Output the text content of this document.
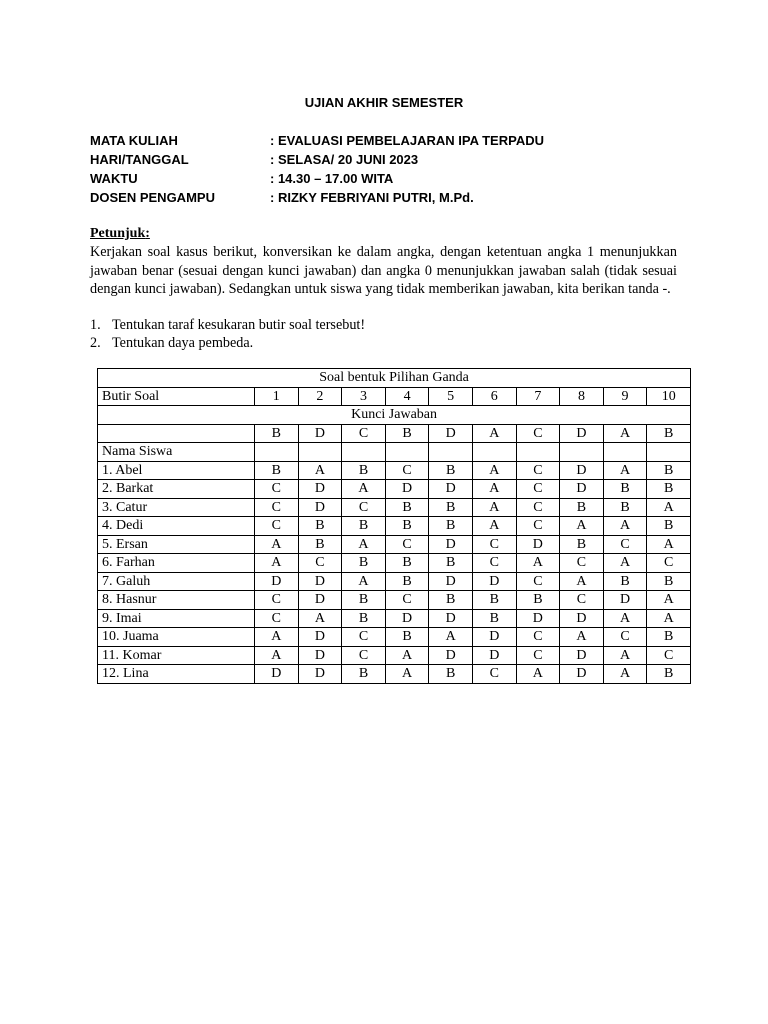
UJIAN AKHIR SEMESTER
MATA KULIAH	: EVALUASI PEMBELAJARAN IPA TERPADU
HARI/TANGGAL	: SELASA/ 20 JUNI 2023
WAKTU	: 14.30 – 17.00 WITA
DOSEN PENGAMPU	: RIZKY FEBRIYANI PUTRI, M.Pd.
Petunjuk:

Kerjakan soal kasus berikut, konversikan ke dalam angka, dengan ketentuan angka 1 menunjukkan jawaban benar (sesuai dengan kunci jawaban) dan angka 0 menunjukkan jawaban salah (tidak sesuai dengan kunci jawaban). Sedangkan untuk siswa yang tidak memberikan jawaban, kita berikan tanda -.

1. Tentukan taraf kesukaran butir soal tersebut!
2. Tentukan daya pembeda.
Soal bentuk Pilihan Ganda										
Butir Soal	1	2	3	4	5	6	7	8	9	10
Kunci Jawaban										
	B	D	C	B	D	A	C	D	A	B
Nama Siswa										
1. Abel	B	A	B	C	B	A	C	D	A	B
2. Barkat	C	D	A	D	D	A	C	D	B	B
3. Catur	C	D	C	B	B	A	C	B	B	A
4. Dedi	C	B	B	B	B	A	C	A	A	B
5. Ersan	A	B	A	C	D	C	D	B	C	A
6. Farhan	A	C	B	B	B	C	A	C	A	C
7. Galuh	D	D	A	B	D	D	C	A	B	B
8. Hasnur	C	D	B	C	B	B	B	C	D	A
9. Imai	C	A	B	D	D	B	D	D	A	A
10. Juama	A	D	C	B	A	D	C	A	C	B
11. Komar	A	D	C	A	D	D	C	D	A	C
12. Lina	D	D	B	A	B	C	A	D	A	B
